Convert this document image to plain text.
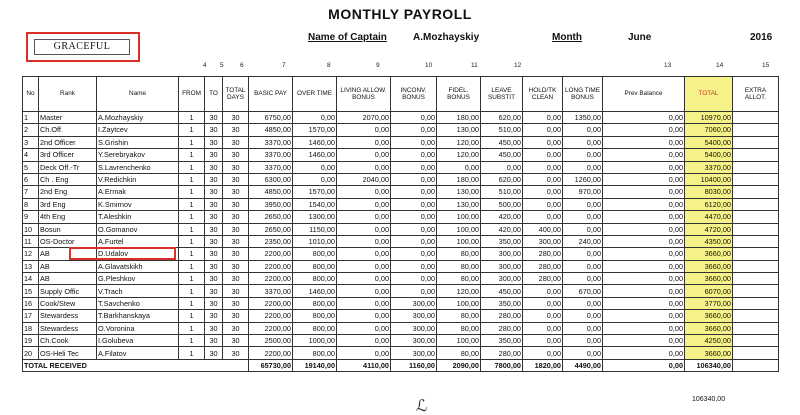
MONTHLY PAYROLL
GRACEFUL
Name of Captain	A.Mozhayskiy	Month	June	2016
4 5	6	7	8	9	10	11	12	13	14	15
No	Rank	Name	FROM	TO	TOTAL DAYS	BASIC PAY	OVER TIME	LIVING ALLOW. BONUS	INCONV. BONUS	FIDEL. BONUS	LEAVE SUBSTIT	HOLD/TK CLEAN	LONG TIME BONUS	Prev Balance	TOTAL	EXTRA ALLOT.
1	Master	A.Mozhayskiy	1	30	30	6750,00	0,00	2070,00	0,00	180,00	620,00	0,00	1350,00	0,00	10970,00	
2	Ch.Off.	I.Zaytcev	1	30	30	4850,00	1570,00	0,00	0,00	130,00	510,00	0,00	0,00	0,00	7060,00	
3	2nd Officer	S.Grishin	1	30	30	3370,00	1460,00	0,00	0,00	120,00	450,00	0,00	0,00	0,00	5400,00	
4	3rd Officer	Y.Serebryakov	1	30	30	3370,00	1460,00	0,00	0,00	120,00	450,00	0,00	0,00	0,00	5400,00	
5	Deck Off.-Tr	S.Lavrenchenko	1	30	30	3370,00	0,00	0,00	0,00	0,00	0,00	0,00	0,00	0,00	3370,00	
6	Ch . Eng	V.Redichkin	1	30	30	6300,00	0,00	2040,00	0,00	180,00	620,00	0,00	1260,00	0,00	10400,00	
7	2nd Eng	A.Ermak	1	30	30	4850,00	1570,00	0,00	0,00	130,00	510,00	0,00	970,00	0,00	8030,00	
8	3rd Eng	K.Smirnov	1	30	30	3950,00	1540,00	0,00	0,00	130,00	500,00	0,00	0,00	0,00	6120,00	
9	4th Eng	T.Aleshkin	1	30	30	2650,00	1300,00	0,00	0,00	100,00	420,00	0,00	0,00	0,00	4470,00	
10	Bosun	O.Gomanov	1	30	30	2650,00	1150,00	0,00	0,00	100,00	420,00	400,00	0,00	0,00	4720,00	
11	OS-Doctor	A.Furtel	1	30	30	2350,00	1010,00	0,00	0,00	100,00	350,00	300,00	240,00	0,00	4350,00	
12	AB	D.Udalov	1	30	30	2200,00	800,00	0,00	0,00	80,00	300,00	280,00	0,00	0,00	3660,00	
13	AB	A.Glavatskikh	1	30	30	2200,00	800,00	0,00	0,00	80,00	300,00	280,00	0,00	0,00	3660,00	
14	AB	G.Pleshkov	1	30	30	2200,00	800,00	0,00	0,00	80,00	300,00	280,00	0,00	0,00	3660,00	
15	Supply Offic	V.Trach	1	30	30	3370,00	1460,00	0,00	0,00	120,00	450,00	0,00	670,00	0,00	6070,00	
16	Cook/Stew	T.Savchenko	1	30	30	2200,00	800,00	0,00	300,00	100,00	350,00	0,00	0,00	0,00	3770,00	
17	Stewardess	T.Barkhanskaya	1	30	30	2200,00	800,00	0,00	300,00	80,00	280,00	0,00	0,00	0,00	3660,00	
18	Stewardess	O.Voronina	1	30	30	2200,00	800,00	0,00	300,00	80,00	280,00	0,00	0,00	0,00	3660,00	
19	Ch.Cook	I.Golubeva	1	30	30	2500,00	1000,00	0,00	300,00	100,00	350,00	0,00	0,00	0,00	4250,00	
20	OS-Heli Tec	A.Filatov	1	30	30	2200,00	800,00	0,00	300,00	80,00	280,00	0,00	0,00	0,00	3660,00	
TOTAL RECEIVED						65730,00	19140,00	4110,00	1160,00	2090,00	7800,00	1820,00	4490,00	0,00	106340,00	
ℒ	106340,00
